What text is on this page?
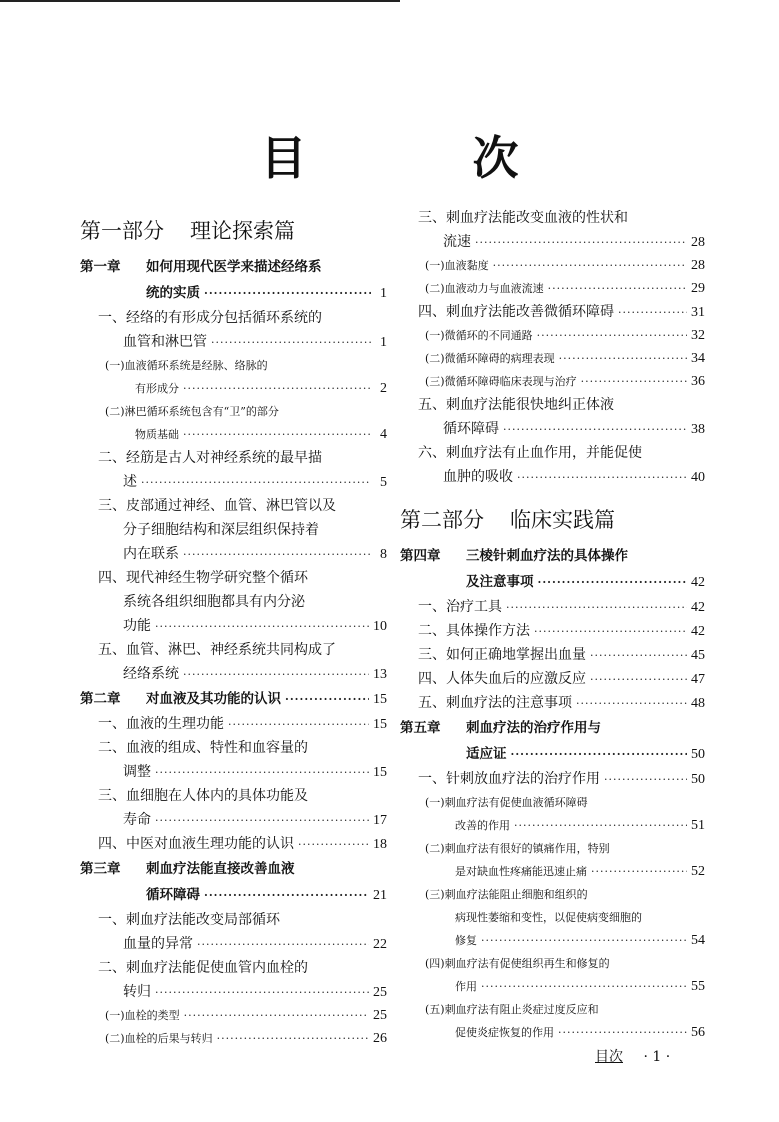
目　次
第一部分 理论探索篇
第一章	如何用现代医学来描述经络系
统的实质 ·····	1
一、经络的有形成分包括循环系统的
血管和淋巴管 ·····	1
(一)血液循环系统是经脉、络脉的
有形成分 ·····	2
(二)淋巴循环系统包含有“卫”的部分
物质基础 ·····	4
二、经筋是古人对神经系统的最早描
述 ·····	5
三、皮部通过神经、血管、淋巴管以及
分子细胞结构和深层组织保持着
内在联系 ·····	8
四、现代神经生物学研究整个循环
系统各组织细胞都具有内分泌
功能 ·····	10
五、血管、淋巴、神经系统共同构成了
经络系统 ·····	13
第二章	对血液及其功能的认识 ·····	15
一、血液的生理功能 ·····	15
二、血液的组成、特性和血容量的
调整 ·····	15
三、血细胞在人体内的具体功能及
寿命 ·····	17
四、中医对血液生理功能的认识 ·····	18
第三章	刺血疗法能直接改善血液
循环障碍 ·····	21
一、刺血疗法能改变局部循环
血量的异常 ·····	22
二、刺血疗法能促使血管内血栓的
转归 ·····	25
(一)血栓的类型 ·····	25
(二)血栓的后果与转归 ·····	26
三、刺血疗法能改变血液的性状和
流速 ·····	28
(一)血液黏度 ·····	28
(二)血液动力与血液流速 ·····	29
四、刺血疗法能改善微循环障碍 ·····	31
(一)微循环的不同通路 ·····	32
(二)微循环障碍的病理表现 ·····	34
(三)微循环障碍临床表现与治疗 ·····	36
五、刺血疗法能很快地纠正体液
循环障碍 ·····	38
六、刺血疗法有止血作用，并能促使
血肿的吸收 ·····	40
第二部分 临床实践篇
第四章	三棱针刺血疗法的具体操作
及注意事项 ·····	42
一、治疗工具 ·····	42
二、具体操作方法 ·····	42
三、如何正确地掌握出血量 ·····	45
四、人体失血后的应激反应 ·····	47
五、刺血疗法的注意事项 ·····	48
第五章	刺血疗法的治疗作用与
适应证 ·····	50
一、针刺放血疗法的治疗作用 ·····	50
(一)刺血疗法有促使血液循环障碍
改善的作用 ·····	51
(二)刺血疗法有很好的镇痛作用，特别
是对缺血性疼痛能迅速止痛 ·····	52
(三)刺血疗法能阻止细胞和组织的
病现性萎缩和变性，以促使病变细胞的
修复 ·····	54
(四)刺血疗法有促使组织再生和修复的
作用 ·····	55
(五)刺血疗法有阻止炎症过度反应和
促使炎症恢复的作用 ·····	56
目次 · 1 ·
